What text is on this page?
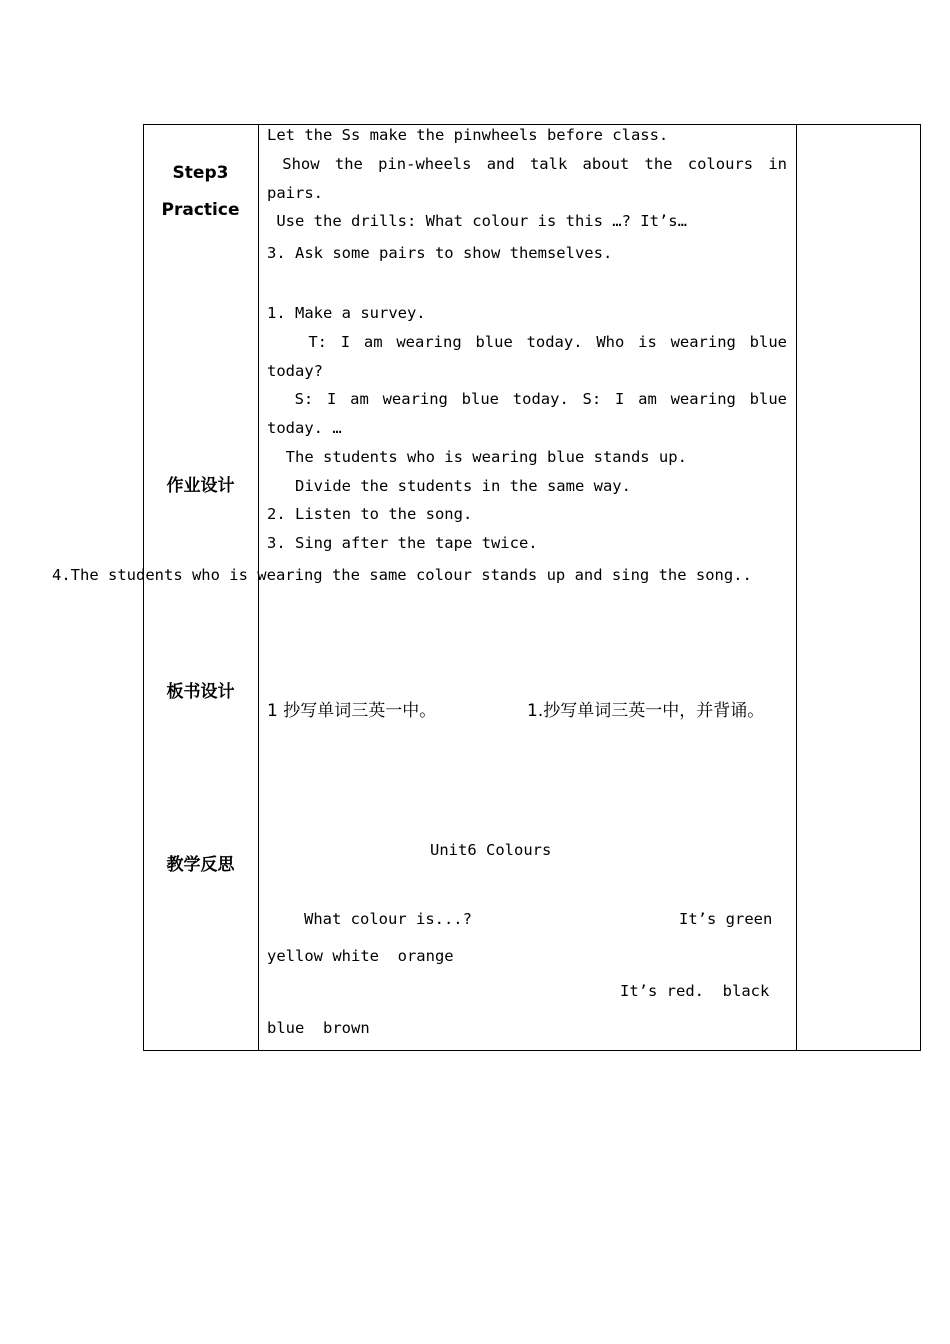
Step3
Practice
作业设计
板书设计
教学反思
Let the Ss make the pinwheels before class.
Show the pin-wheels and talk about the colours in
pairs.
Use the drills: What colour is this …? It’s…
3. Ask some pairs to show themselves.
1. Make a survey.
T: I am wearing blue today. Who is wearing blue
today?
S: I am wearing blue today. S: I am wearing blue
today. …
The students who is wearing blue stands up.
Divide the students in the same way.
2. Listen to the song.
3. Sing after the tape twice.
4.The students who is wearing the same colour stands up and sing the song..
1 抄写单词三英一中。	1.抄写单词三英一中，并背诵。
Unit6 Colours
What colour is...?	It’s green
yellow white  orange
It’s red.  black
blue  brown
